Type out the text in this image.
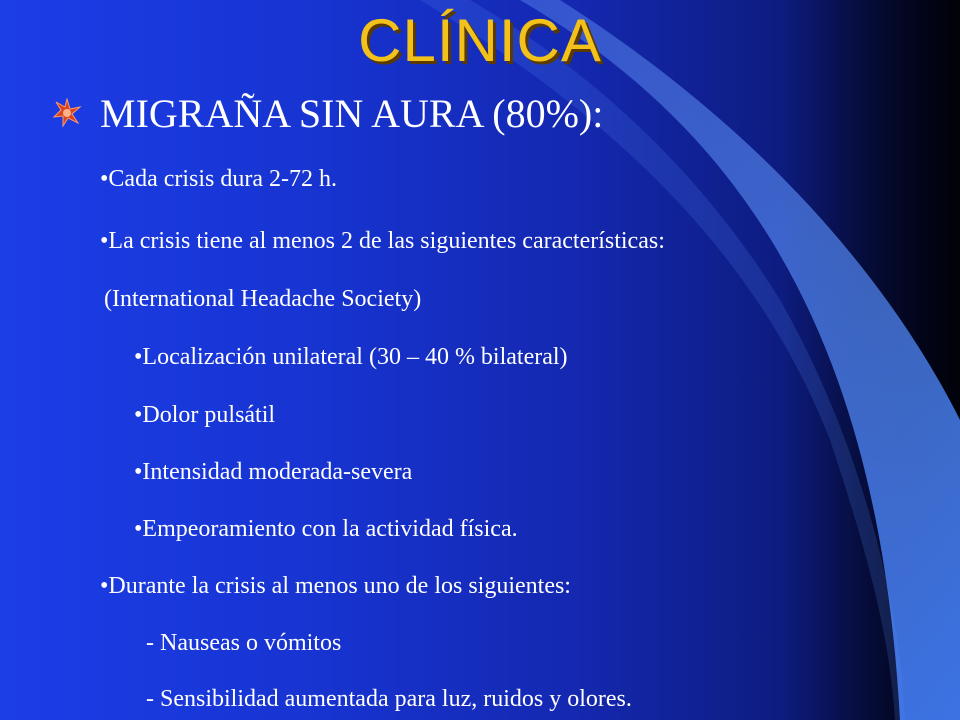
CLÍNICA
MIGRAÑA SIN AURA (80%):
•Cada crisis dura 2-72 h.
•La crisis tiene al menos 2 de las siguientes características:
(International Headache Society)
•Localización unilateral (30 – 40 % bilateral)
•Dolor pulsátil
•Intensidad moderada-severa
•Empeoramiento con la actividad física.
•Durante la crisis al menos uno de los siguientes:
- Nauseas o vómitos
- Sensibilidad aumentada para luz, ruidos y olores.
